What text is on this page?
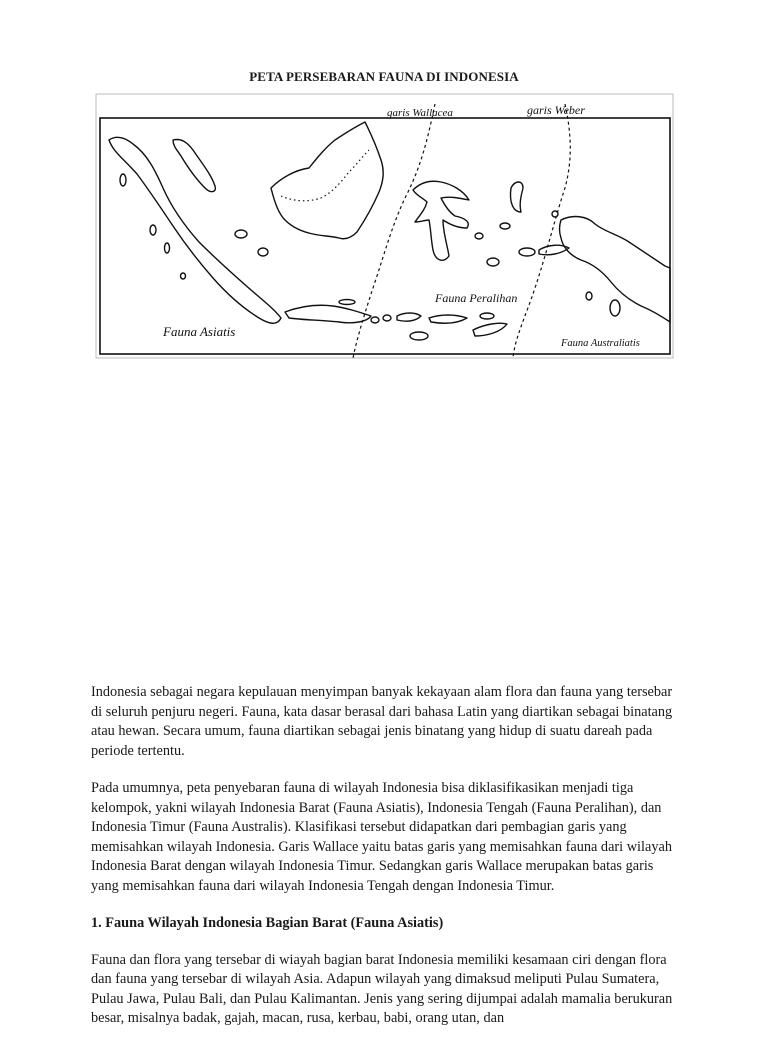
PETA PERSEBARAN FAUNA DI INDONESIA
garis Wallacea	garis Weber
Fauna Asiatis
Fauna Peralihan
Fauna Australiatis

Indonesia sebagai negara kepulauan menyimpan banyak kekayaan alam flora dan fauna yang tersebar di seluruh penjuru negeri. Fauna, kata dasar berasal dari bahasa Latin yang diartikan sebagai binatang atau hewan. Secara umum, fauna diartikan sebagai jenis binatang yang hidup di suatu dareah pada periode tertentu.

Pada umumnya, peta penyebaran fauna di wilayah Indonesia bisa diklasifikasikan menjadi tiga kelompok, yakni wilayah Indonesia Barat (Fauna Asiatis), Indonesia Tengah (Fauna Peralihan), dan Indonesia Timur (Fauna Australis). Klasifikasi tersebut didapatkan dari pembagian garis yang memisahkan wilayah Indonesia. Garis Wallace yaitu batas garis yang memisahkan fauna dari wilayah Indonesia Barat dengan wilayah Indonesia Timur. Sedangkan garis Wallace merupakan batas garis yang memisahkan fauna dari wilayah Indonesia Tengah dengan Indonesia Timur.

1. Fauna Wilayah Indonesia Bagian Barat (Fauna Asiatis)

Fauna dan flora yang tersebar di wiayah bagian barat Indonesia memiliki kesamaan ciri dengan flora dan fauna yang tersebar di wilayah Asia. Adapun wilayah yang dimaksud meliputi Pulau Sumatera, Pulau Jawa, Pulau Bali, dan Pulau Kalimantan. Jenis yang sering dijumpai adalah mamalia berukuran besar, misalnya badak, gajah, macan, rusa, kerbau, babi, orang utan, dan
